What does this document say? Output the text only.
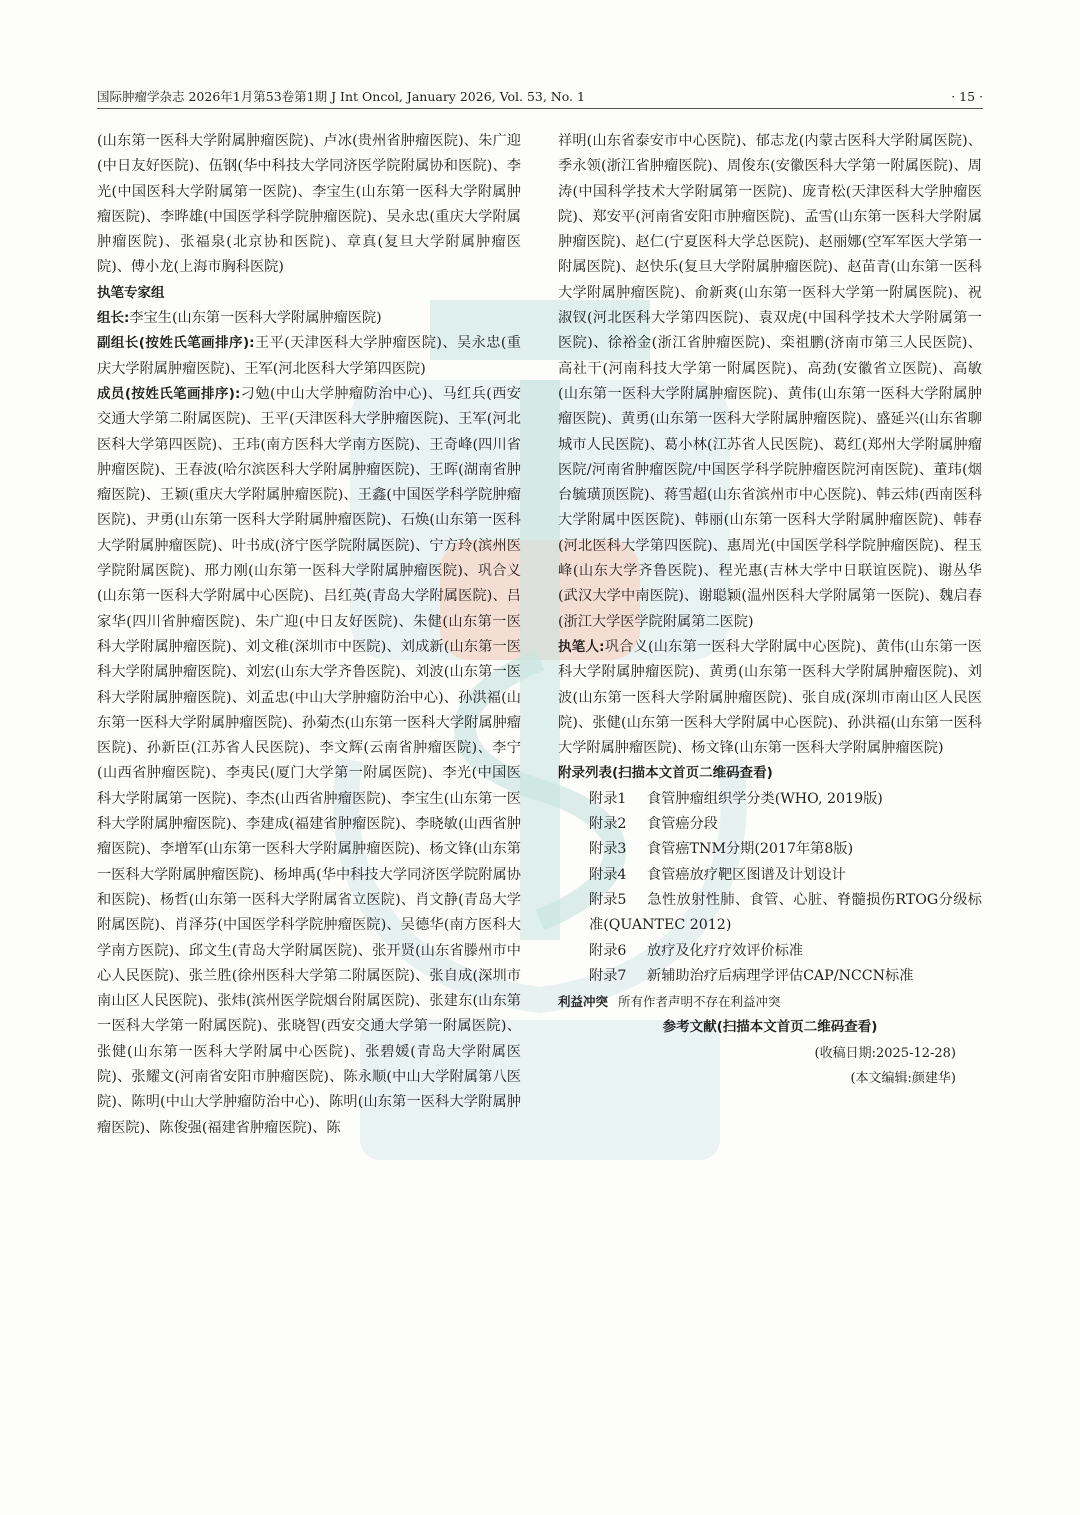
国际肿瘤学杂志 2026年1月第53卷第1期 J Int Oncol, January 2026, Vol. 53, No. 1	· 15 ·

(山东第一医科大学附属肿瘤医院)、卢冰(贵州省肿瘤医院)、朱广迎(中日友好医院)、伍钢(华中科技大学同济医学院附属协和医院)、李光(中国医科大学附属第一医院)、李宝生(山东第一医科大学附属肿瘤医院)、李晔雄(中国医学科学院肿瘤医院)、吴永忠(重庆大学附属肿瘤医院)、张福泉(北京协和医院)、章真(复旦大学附属肿瘤医院)、傅小龙(上海市胸科医院)

执笔专家组

组长:李宝生(山东第一医科大学附属肿瘤医院)

副组长(按姓氏笔画排序):王平(天津医科大学肿瘤医院)、吴永忠(重庆大学附属肿瘤医院)、王军(河北医科大学第四医院)

成员(按姓氏笔画排序):刁勉(中山大学肿瘤防治中心)、马红兵(西安交通大学第二附属医院)、王平(天津医科大学肿瘤医院)、王军(河北医科大学第四医院)、王玮(南方医科大学南方医院)、王奇峰(四川省肿瘤医院)、王春波(哈尔滨医科大学附属肿瘤医院)、王晖(湖南省肿瘤医院)、王颖(重庆大学附属肿瘤医院)、王鑫(中国医学科学院肿瘤医院)、尹勇(山东第一医科大学附属肿瘤医院)、石焕(山东第一医科大学附属肿瘤医院)、叶书成(济宁医学院附属医院)、宁方玲(滨州医学院附属医院)、邢力刚(山东第一医科大学附属肿瘤医院)、巩合义(山东第一医科大学附属中心医院)、吕红英(青岛大学附属医院)、吕家华(四川省肿瘤医院)、朱广迎(中日友好医院)、朱健(山东第一医科大学附属肿瘤医院)、刘文稚(深圳市中医院)、刘成新(山东第一医科大学附属肿瘤医院)、刘宏(山东大学齐鲁医院)、刘波(山东第一医科大学附属肿瘤医院)、刘孟忠(中山大学肿瘤防治中心)、孙洪福(山东第一医科大学附属肿瘤医院)、孙菊杰(山东第一医科大学附属肿瘤医院)、孙新臣(江苏省人民医院)、李文辉(云南省肿瘤医院)、李宁(山西省肿瘤医院)、李夷民(厦门大学第一附属医院)、李光(中国医科大学附属第一医院)、李杰(山西省肿瘤医院)、李宝生(山东第一医科大学附属肿瘤医院)、李建成(福建省肿瘤医院)、李晓敏(山西省肿瘤医院)、李增军(山东第一医科大学附属肿瘤医院)、杨文锋(山东第一医科大学附属肿瘤医院)、杨坤禹(华中科技大学同济医学院附属协和医院)、杨哲(山东第一医科大学附属省立医院)、肖文静(青岛大学附属医院)、肖泽芬(中国医学科学院肿瘤医院)、吴德华(南方医科大学南方医院)、邱文生(青岛大学附属医院)、张开贤(山东省滕州市中心人民医院)、张兰胜(徐州医科大学第二附属医院)、张自成(深圳市南山区人民医院)、张炜(滨州医学院烟台附属医院)、张建东(山东第一医科大学第一附属医院)、张晓智(西安交通大学第一附属医院)、张健(山东第一医科大学附属中心医院)、张碧媛(青岛大学附属医院)、张耀文(河南省安阳市肿瘤医院)、陈永顺(中山大学附属第八医院)、陈明(中山大学肿瘤防治中心)、陈明(山东第一医科大学附属肿瘤医院)、陈俊强(福建省肿瘤医院)、陈

祥明(山东省泰安市中心医院)、郁志龙(内蒙古医科大学附属医院)、季永领(浙江省肿瘤医院)、周俊东(安徽医科大学第一附属医院)、周涛(中国科学技术大学附属第一医院)、庞青松(天津医科大学肿瘤医院)、郑安平(河南省安阳市肿瘤医院)、孟雪(山东第一医科大学附属肿瘤医院)、赵仁(宁夏医科大学总医院)、赵丽娜(空军军医大学第一附属医院)、赵快乐(复旦大学附属肿瘤医院)、赵苗青(山东第一医科大学附属肿瘤医院)、俞新爽(山东第一医科大学第一附属医院)、祝淑钗(河北医科大学第四医院)、袁双虎(中国科学技术大学附属第一医院)、徐裕金(浙江省肿瘤医院)、栾祖鹏(济南市第三人民医院)、高社干(河南科技大学第一附属医院)、高劲(安徽省立医院)、高敏(山东第一医科大学附属肿瘤医院)、黄伟(山东第一医科大学附属肿瘤医院)、黄勇(山东第一医科大学附属肿瘤医院)、盛延兴(山东省聊城市人民医院)、葛小林(江苏省人民医院)、葛红(郑州大学附属肿瘤医院/河南省肿瘤医院/中国医学科学院肿瘤医院河南医院)、董玮(烟台毓璜顶医院)、蒋雪超(山东省滨州市中心医院)、韩云炜(西南医科大学附属中医医院)、韩丽(山东第一医科大学附属肿瘤医院)、韩春(河北医科大学第四医院)、惠周光(中国医学科学院肿瘤医院)、程玉峰(山东大学齐鲁医院)、程光惠(吉林大学中日联谊医院)、谢丛华(武汉大学中南医院)、谢聪颖(温州医科大学附属第一医院)、魏启春(浙江大学医学院附属第二医院)

执笔人:巩合义(山东第一医科大学附属中心医院)、黄伟(山东第一医科大学附属肿瘤医院)、黄勇(山东第一医科大学附属肿瘤医院)、刘波(山东第一医科大学附属肿瘤医院)、张自成(深圳市南山区人民医院)、张健(山东第一医科大学附属中心医院)、孙洪福(山东第一医科大学附属肿瘤医院)、杨文锋(山东第一医科大学附属肿瘤医院)

附录列表(扫描本文首页二维码查看)

附录1 食管肿瘤组织学分类(WHO, 2019版)

附录2 食管癌分段

附录3 食管癌TNM分期(2017年第8版)

附录4 食管癌放疗靶区图谱及计划设计

附录5 急性放射性肺、食管、心脏、脊髓损伤RTOG分级标准(QUANTEC 2012)

附录6 放疗及化疗疗效评价标准

附录7 新辅助治疗后病理学评估CAP/NCCN标准

利益冲突 所有作者声明不存在利益冲突

参考文献(扫描本文首页二维码查看)

(收稿日期:2025-12-28)

(本文编辑:颜建华)
